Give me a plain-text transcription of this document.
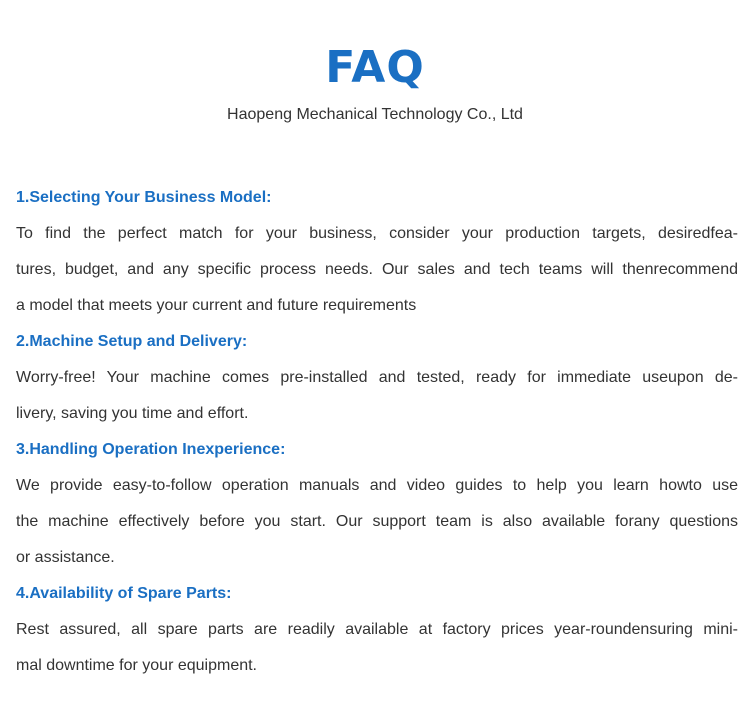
FAQ
Haopeng Mechanical Technology Co., Ltd

1.Selecting Your Business Model:

To find the perfect match for your business, consider your production targets, desiredfea-
tures, budget, and any specific process needs. Our sales and tech teams will thenrecommend
a model that meets your current and future requirements

2.Machine Setup and Delivery:

Worry-free! Your machine comes pre-installed and tested, ready for immediate useupon de-
livery, saving you time and effort.

3.Handling Operation Inexperience:

We provide easy-to-follow operation manuals and video guides to help you learn howto use
the machine effectively before you start. Our support team is also available forany questions
or assistance.

4.Availability of Spare Parts:

Rest assured, all spare parts are readily available at factory prices year-roundensuring mini-
mal downtime for your equipment.
